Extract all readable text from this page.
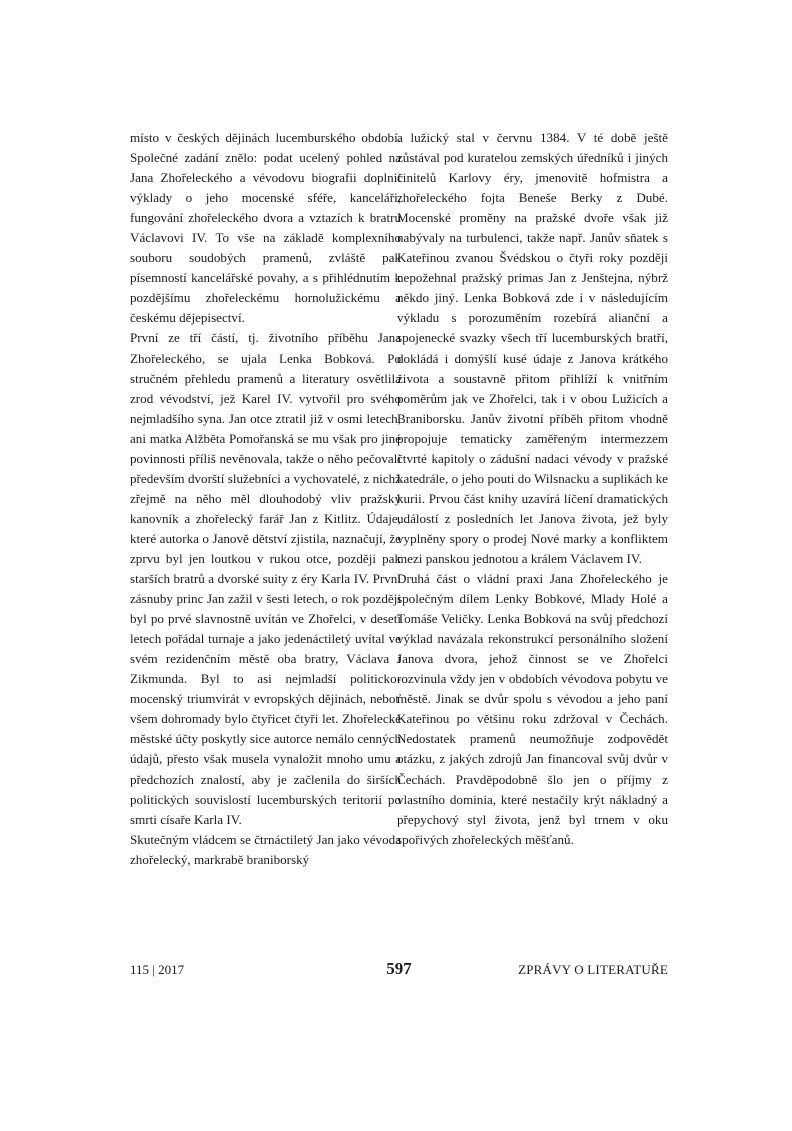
místo v českých dějinách lucemburského období. Společné zadání znělo: podat ucelený pohled na Jana Zhořeleckého a vévodovu biografii doplnit výklady o jeho mocenské sféře, kanceláři, fungování zhořeleckého dvora a vztazích k bratru Václavovi IV. To vše na základě komplexního souboru soudobých pramenů, zvláště pak písemností kancelářské povahy, a s přihlédnutím k pozdějšímu zhořeleckému hornolužickému a českému dějepisectví.

První ze tří částí, tj. životního příběhu Jana Zhořeleckého, se ujala Lenka Bobková. Po stručném přehledu pramenů a literatury osvětlila zrod vévodství, jež Karel IV. vytvořil pro svého nejmladšího syna. Jan otce ztratil již v osmi letech, ani matka Alžběta Pomořanská se mu však pro jiné povinnosti příliš nevěnovala, takže o něho pečovali především dvorští služebníci a vychovatelé, z nichž zřejmě na něho měl dlouhodobý vliv pražský kanovník a zhořelecký farář Jan z Kitlitz. Údaje, které autorka o Janově dětství zjistila, naznačují, že zprvu byl jen loutkou v rukou otce, později pak starších bratrů a dvorské suity z éry Karla IV. První zásnuby princ Jan zažil v šesti letech, o rok později byl po prvé slavnostně uvítán ve Zhořelci, v deseti letech pořádal turnaje a jako jedenáctiletý uvítal ve svém rezidenčním městě oba bratry, Václava i Zikmunda. Byl to asi nejmladší politicko-mocenský triumvirát v evropských dějinách, neboť všem dohromady bylo čtyřicet čtyři let. Zhořelecké městské účty poskytly sice autorce nemálo cenných údajů, přesto však musela vynaložit mnoho umu a předchozích znalostí, aby je začlenila do širších politických souvislostí lucemburských teritorií po smrti císaře Karla IV.

Skutečným vládcem se čtrnáctiletý Jan jako vévoda zhořelecký, markrabě braniborský

a lužický stal v červnu 1384. V té době ještě zůstával pod kuratelou zemských úředníků i jiných činitelů Karlovy éry, jmenovitě hofmistra a zhořeleckého fojta Beneše Berky z Dubé. Mocenské proměny na pražské dvoře však již nabývaly na turbulenci, takže např. Janův sňatek s Kateřinou zvanou Švédskou o čtyři roky později nepožehnal pražský primas Jan z Jenštejna, nýbrž někdo jiný. Lenka Bobková zde i v následujícím výkladu s porozuměním rozebírá alianční a spojenecké svazky všech tří lucemburských bratří, dokládá i domýšlí kusé údaje z Janova krátkého života a soustavně přitom přihlíží k vnitřním poměrům jak ve Zhořelci, tak i v obou Lužicích a Braniborsku. Janův životní příběh přitom vhodně propojuje tematicky zaměřeným intermezzem čtvrté kapitoly o zádušní nadaci vévody v pražské katedrále, o jeho pouti do Wilsnacku a suplikách ke kurii. Prvou část knihy uzavírá líčení dramatických událostí z posledních let Janova života, jež byly vyplněny spory o prodej Nové marky a konfliktem mezi panskou jednotou a králem Václavem IV.

Druhá část o vládní praxi Jana Zhořeleckého je společným dílem Lenky Bobkové, Mlady Holé a Tomáše Veličky. Lenka Bobková na svůj předchozí výklad navázala rekonstrukcí personálního složení Janova dvora, jehož činnost se ve Zhořelci rozvinula vždy jen v obdobích vévodova pobytu ve městě. Jinak se dvůr spolu s vévodou a jeho paní Kateřinou po většinu roku zdržoval v Čechách. Nedostatek pramenů neumožňuje zodpovědět otázku, z jakých zdrojů Jan financoval svůj dvůr v Čechách. Pravděpodobně šlo jen o příjmy z vlastního dominia, které nestačily krýt nákladný a přepychový styl života, jenž byl trnem v oku spořivých zhořeleckých měšťanů.

115 | 2017	597	ZPRÁVY O LITERATUŘE
